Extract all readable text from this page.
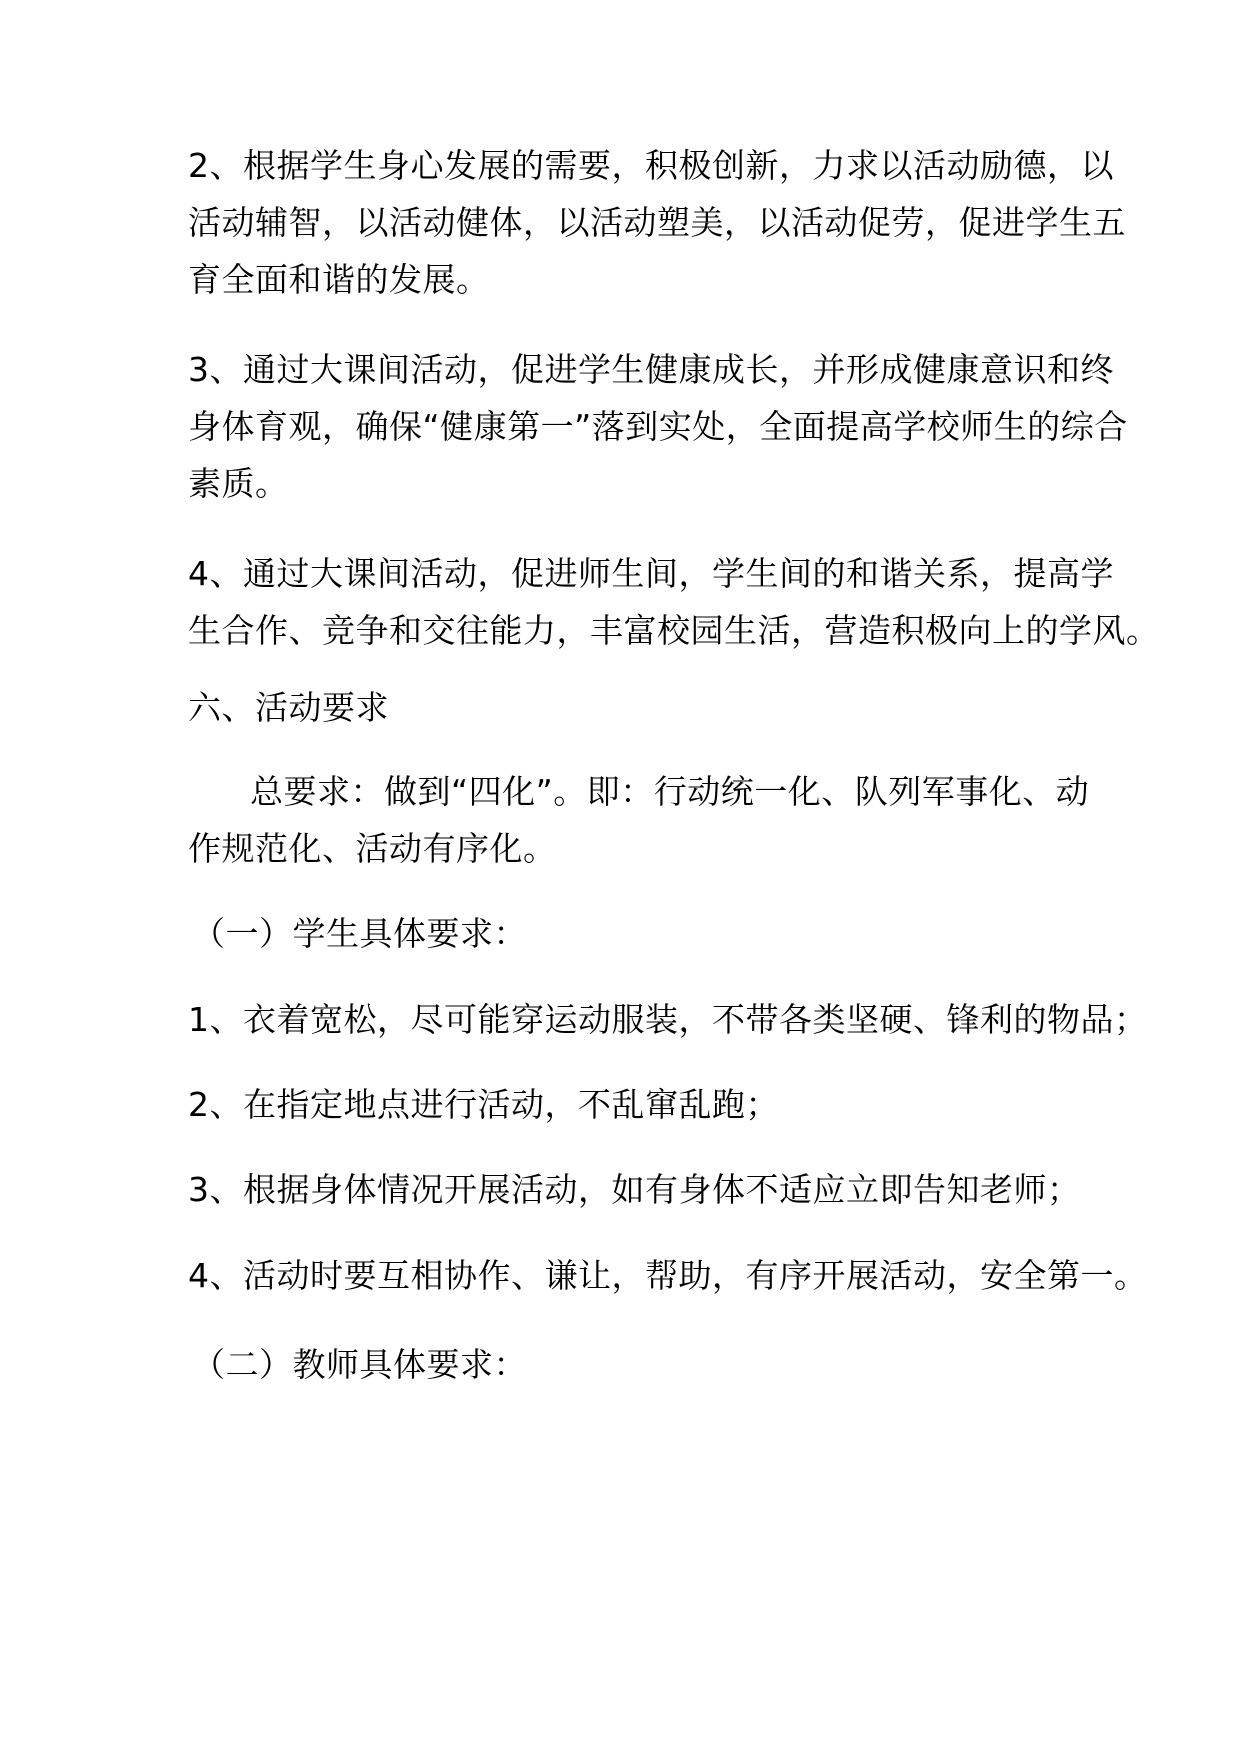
2、根据学生身心发展的需要，积极创新，力求以活动励德，以
活动辅智，以活动健体，以活动塑美，以活动促劳，促进学生五
育全面和谐的发展。
3、通过大课间活动，促进学生健康成长，并形成健康意识和终
身体育观，确保“健康第一”落到实处，全面提高学校师生的综合
素质。
4、通过大课间活动，促进师生间，学生间的和谐关系，提高学
生合作、竞争和交往能力，丰富校园生活，营造积极向上的学风。
六、活动要求
总要求：做到“四化”。即：行动统一化、队列军事化、动
作规范化、活动有序化。
（一）学生具体要求：
1、衣着宽松，尽可能穿运动服装，不带各类坚硬、锋利的物品；
2、在指定地点进行活动，不乱窜乱跑；
3、根据身体情况开展活动，如有身体不适应立即告知老师；
4、活动时要互相协作、谦让，帮助，有序开展活动，安全第一。
（二）教师具体要求：
